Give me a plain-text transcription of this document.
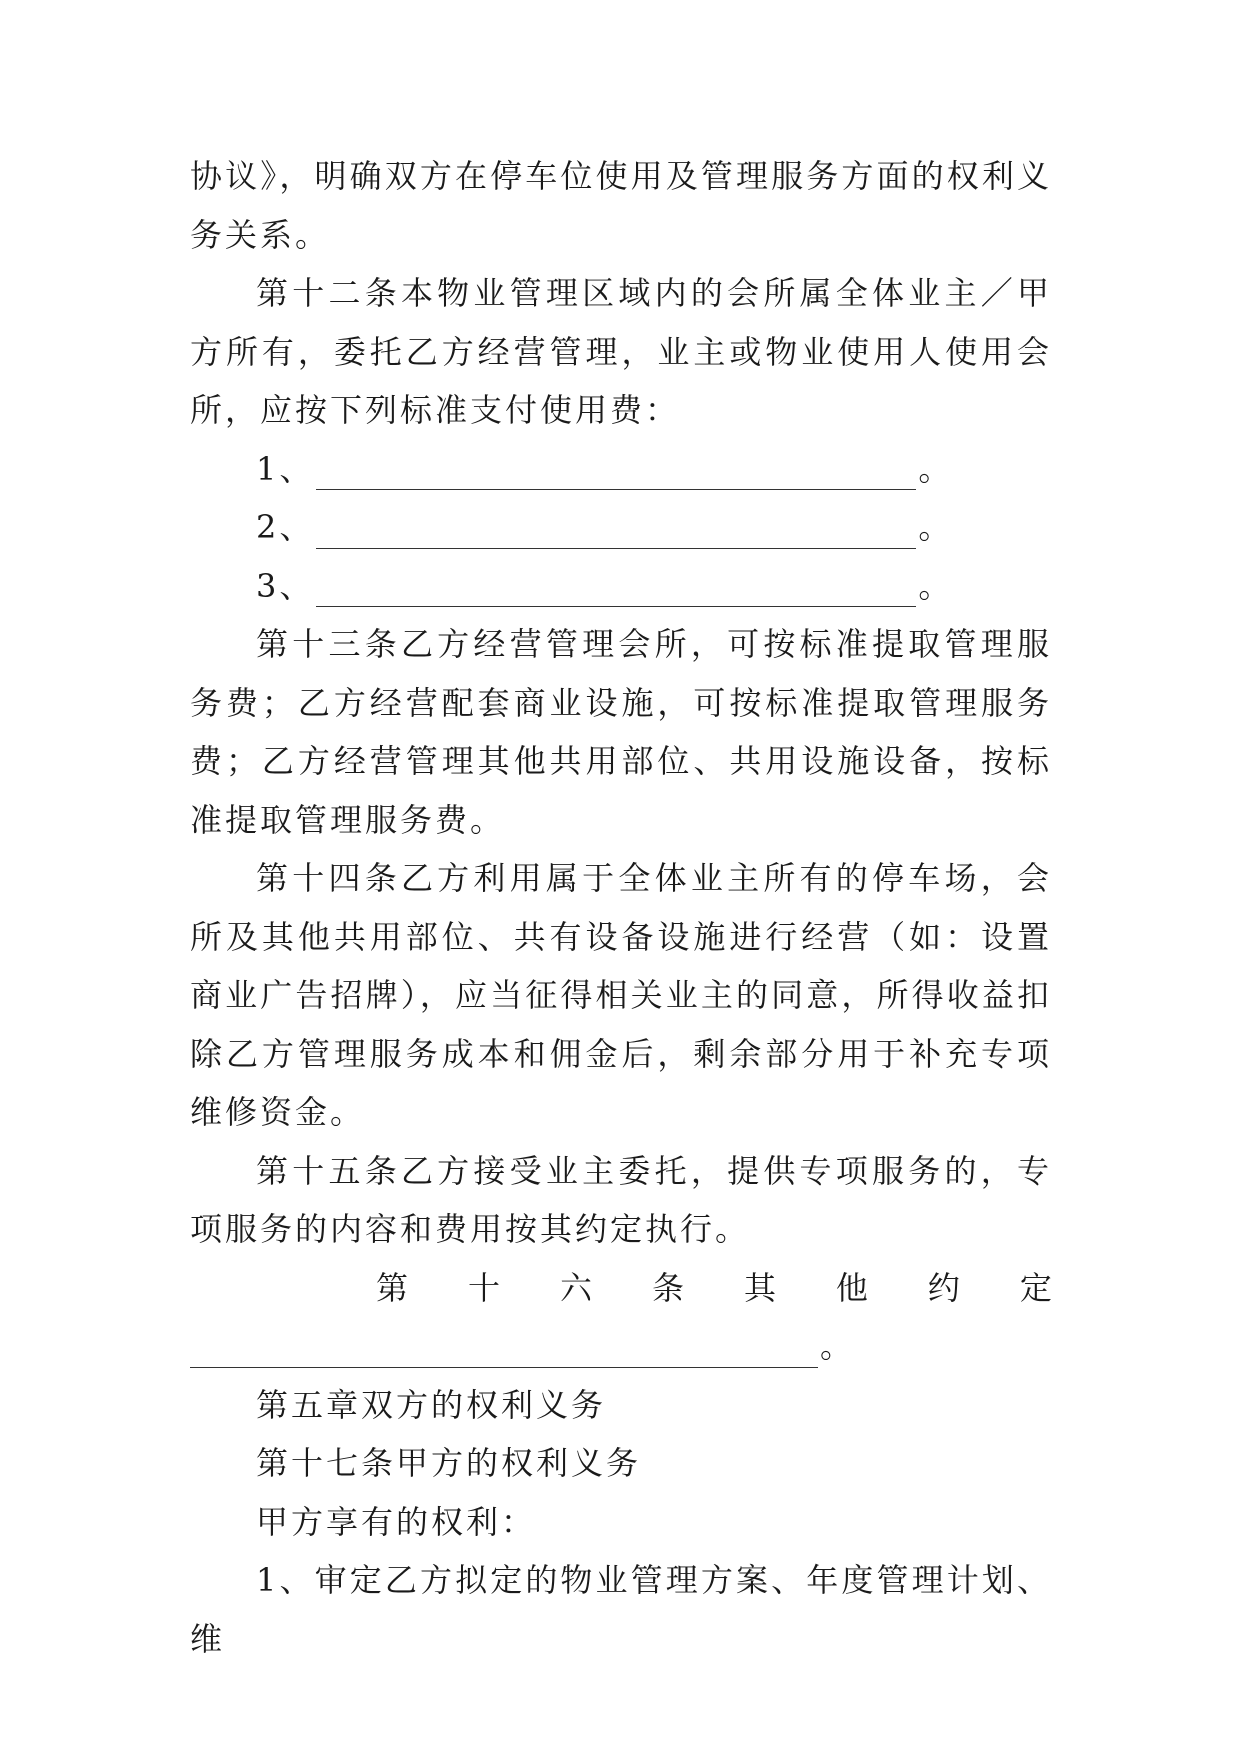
协议》，明确双方在停车位使用及管理服务方面的权利义务关系。

第十二条本物业管理区域内的会所属全体业主／甲方所有，委托乙方经营管理，业主或物业使用人使用会所，应按下列标准支付使用费：

1、	。
2、	。
3、	。

第十三条乙方经营管理会所，可按标准提取管理服务费；乙方经营配套商业设施，可按标准提取管理服务费；乙方经营管理其他共用部位、共用设施设备，按标准提取管理服务费。

第十四条乙方利用属于全体业主所有的停车场，会所及其他共用部位、共有设备设施进行经营（如：设置商业广告招牌），应当征得相关业主的同意，所得收益扣除乙方管理服务成本和佣金后，剩余部分用于补充专项维修资金。

第十五条乙方接受业主委托，提供专项服务的，专项服务的内容和费用按其约定执行。

第 十 六 条 其 他 约 定
。

第五章双方的权利义务

第十七条甲方的权利义务

甲方享有的权利：

1、审定乙方拟定的物业管理方案、年度管理计划、维
